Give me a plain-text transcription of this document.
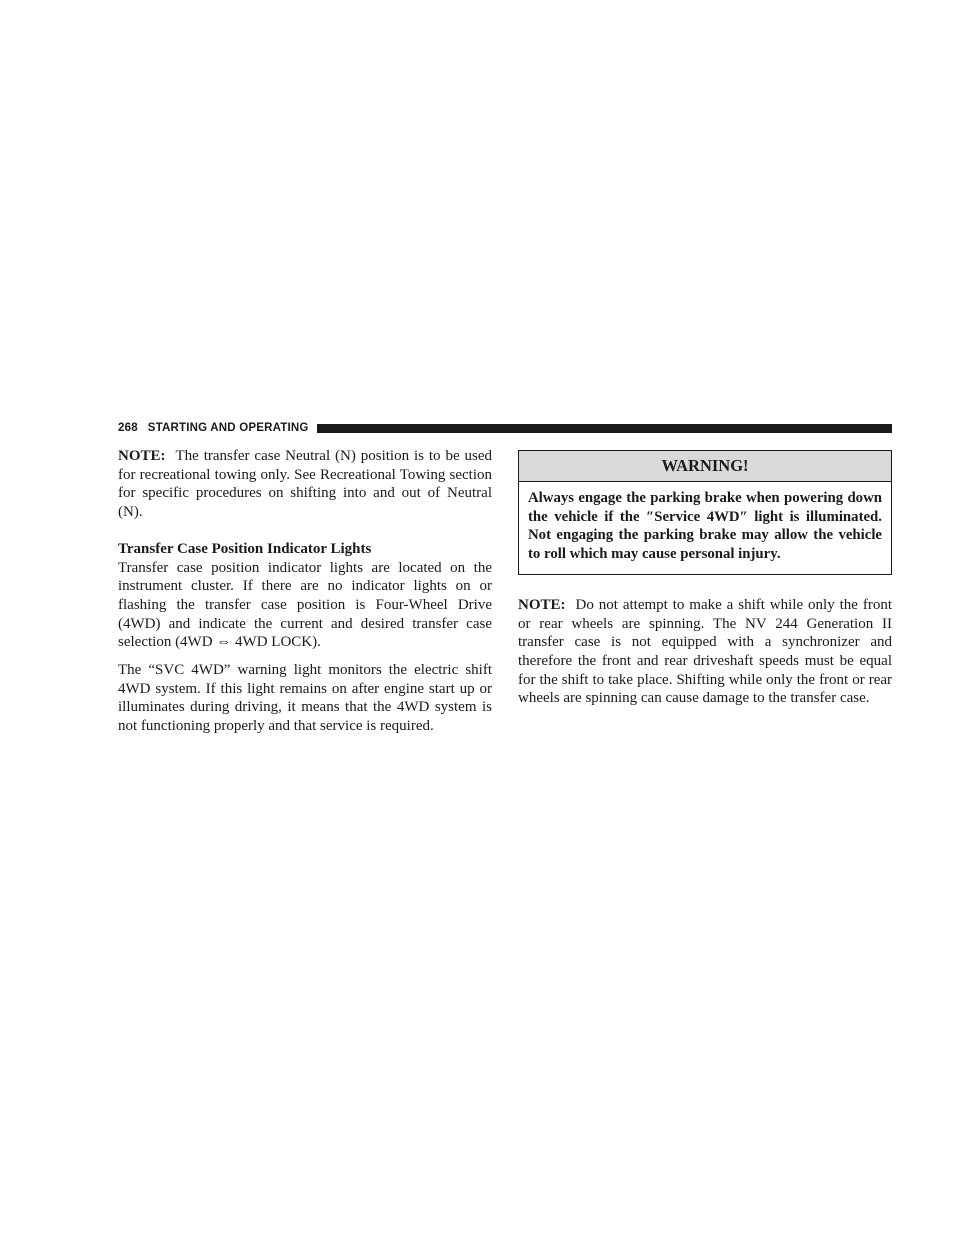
268 STARTING AND OPERATING

NOTE: The transfer case Neutral (N) position is to be used for recreational towing only. See Recreational Towing section for specific procedures on shifting into and out of Neutral (N).

Transfer Case Position Indicator Lights
Transfer case position indicator lights are located on the instrument cluster. If there are no indicator lights on or flashing the transfer case position is Four-Wheel Drive (4WD) and indicate the current and desired transfer case selection (4WD ⇔ 4WD LOCK).

The “SVC 4WD” warning light monitors the electric shift 4WD system. If this light remains on after engine start up or illuminates during driving, it means that the 4WD system is not functioning properly and that service is required.

WARNING!
Always engage the parking brake when powering down the vehicle if the ″Service 4WD″ light is illuminated. Not engaging the parking brake may allow the vehicle to roll which may cause personal injury.

NOTE: Do not attempt to make a shift while only the front or rear wheels are spinning. The NV 244 Generation II transfer case is not equipped with a synchronizer and therefore the front and rear driveshaft speeds must be equal for the shift to take place. Shifting while only the front or rear wheels are spinning can cause damage to the transfer case.
